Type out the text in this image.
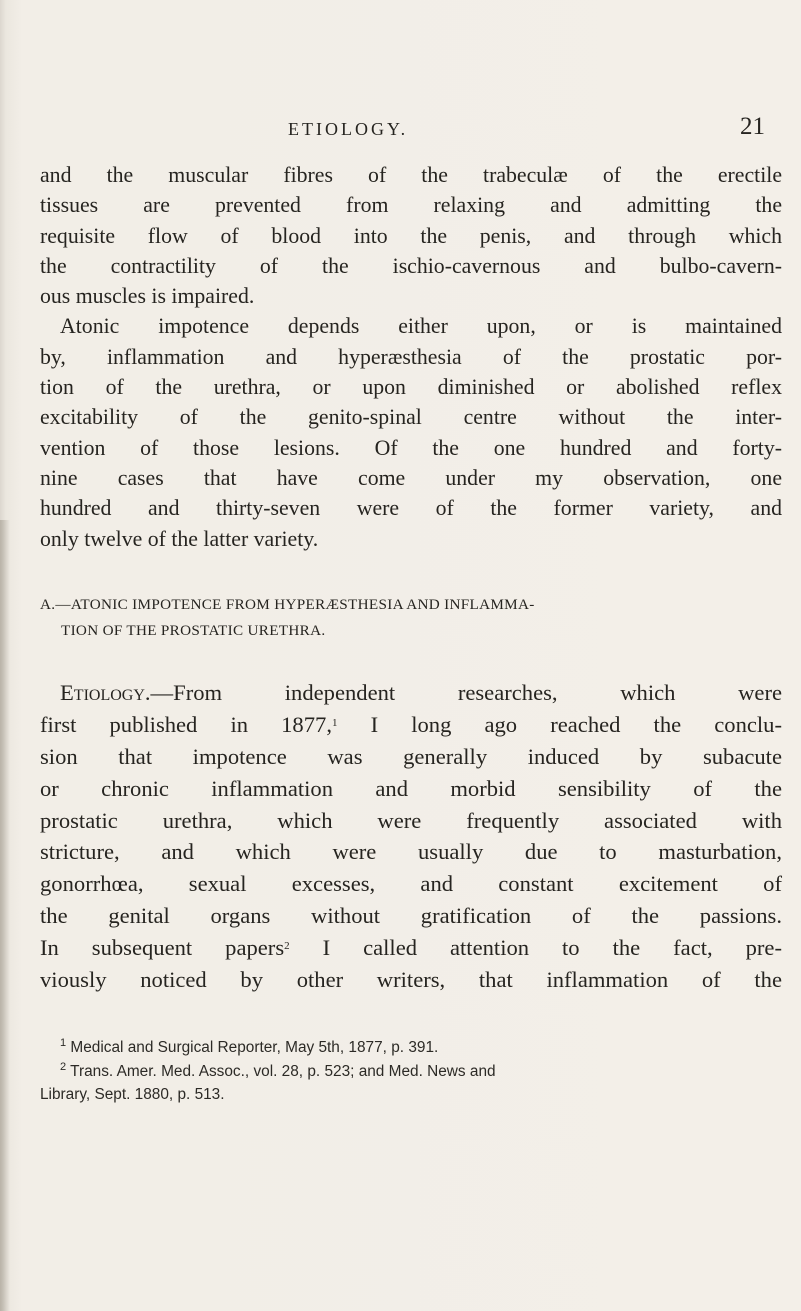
ETIOLOGY.	21
and the muscular fibres of the trabeculæ of the erectile
tissues are prevented from relaxing and admitting the
requisite flow of blood into the penis, and through which
the contractility of the ischio-cavernous and bulbo-cavern-
ous muscles is impaired.
Atonic impotence depends either upon, or is maintained
by, inflammation and hyperæsthesia of the prostatic por-
tion of the urethra, or upon diminished or abolished reflex
excitability of the genito-spinal centre without the inter-
vention of those lesions. Of the one hundred and forty-
nine cases that have come under my observation, one
hundred and thirty-seven were of the former variety, and
only twelve of the latter variety.
A.—ATONIC IMPOTENCE FROM HYPERÆSTHESIA AND INFLAMMA-
TION OF THE PROSTATIC URETHRA.
Etiology.—From independent researches, which were
first published in 1877,$^1$ I long ago reached the conclu-
sion that impotence was generally induced by subacute
or chronic inflammation and morbid sensibility of the
prostatic urethra, which were frequently associated with
stricture, and which were usually due to masturbation,
gonorrhœa, sexual excesses, and constant excitement of
the genital organs without gratification of the passions.
In subsequent papers$^2$ I called attention to the fact, pre-
viously noticed by other writers, that inflammation of the
$^1$ Medical and Surgical Reporter, May 5th, 1877, p. 391.
$^2$ Trans. Amer. Med. Assoc., vol. 28, p. 523; and Med. News and
Library, Sept. 1880, p. 513.
